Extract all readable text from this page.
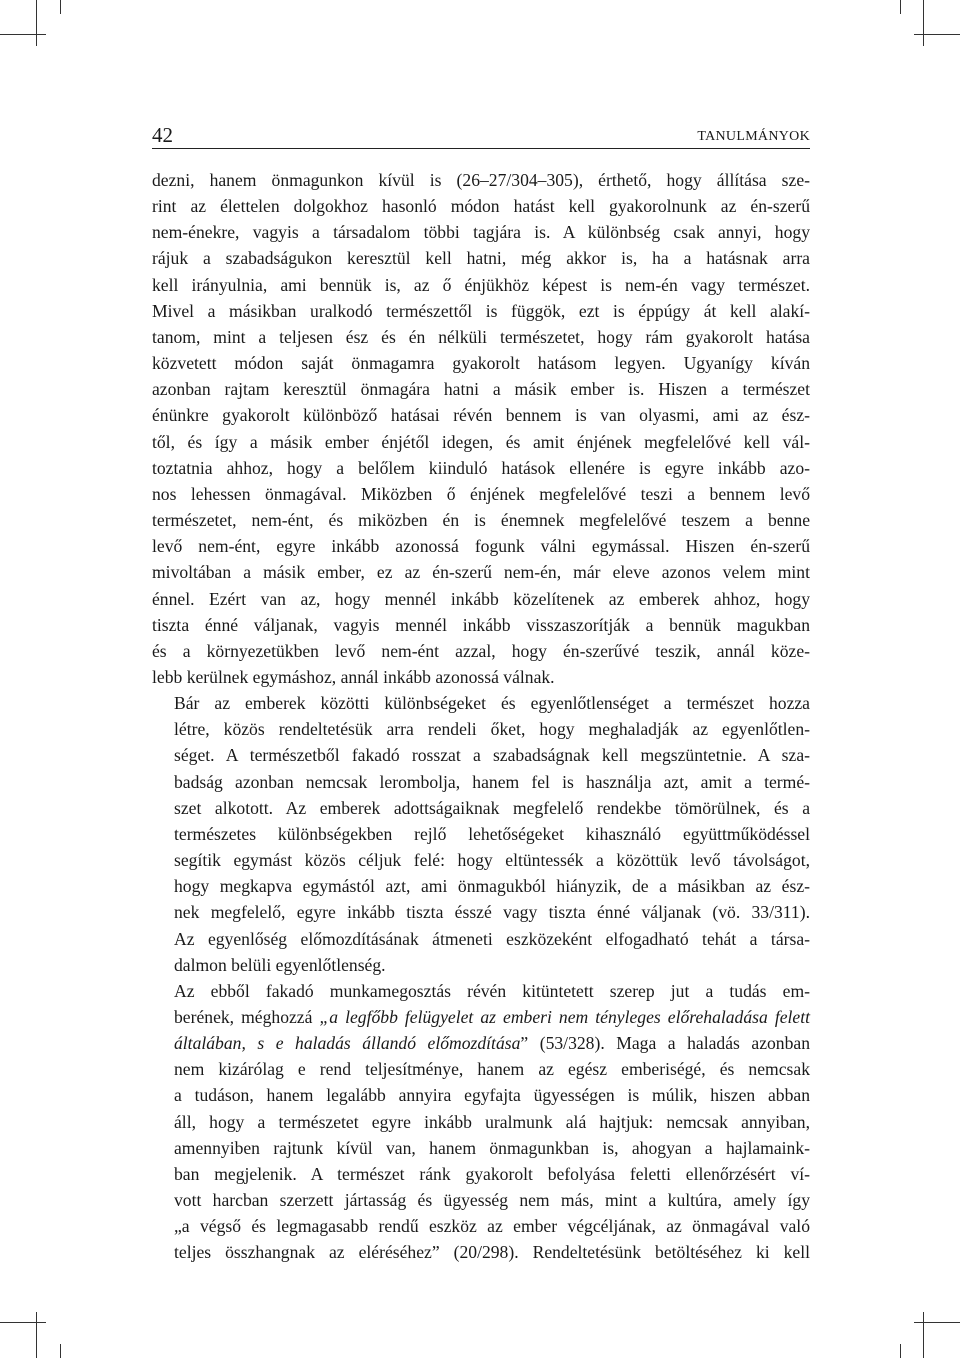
42	TANULMÁNYOK

dezni, hanem önmagunkon kívül is (26–27/304–305), érthető, hogy állítása sze-
rint az élettelen dolgokhoz hasonló módon hatást kell gyakorolnunk az én-szerű
nem-énekre, vagyis a társadalom többi tagjára is. A különbség csak annyi, hogy
rájuk a szabadságukon keresztül kell hatni, még akkor is, ha a hatásnak arra
kell irányulnia, ami bennük is, az ő énjükhöz képest is nem-én vagy természet.
Mivel a másikban uralkodó természettől is függök, ezt is éppúgy át kell alakí-
tanom, mint a teljesen ész és én nélküli természetet, hogy rám gyakorolt hatása
közvetett módon saját önmagamra gyakorolt hatásom legyen. Ugyanígy kíván
azonban rajtam keresztül önmagára hatni a másik ember is. Hiszen a természet
énünkre gyakorolt különböző hatásai révén bennem is van olyasmi, ami az ész-
től, és így a másik ember énjétől idegen, és amit énjének megfelelővé kell vál-
toztatnia ahhoz, hogy a belőlem kiinduló hatások ellenére is egyre inkább azo-
nos lehessen önmagával. Miközben ő énjének megfelelővé teszi a bennem levő
természetet, nem-ént, és miközben én is énemnek megfelelővé teszem a benne
levő nem-ént, egyre inkább azonossá fogunk válni egymással. Hiszen én-szerű
mivoltában a másik ember, ez az én-szerű nem-én, már eleve azonos velem mint
énnel. Ezért van az, hogy mennél inkább közelítenek az emberek ahhoz, hogy
tiszta énné váljanak, vagyis mennél inkább visszaszorítják a bennük magukban
és a környezetükben levő nem-ént azzal, hogy én-szerűvé teszik, annál köze-
lebb kerülnek egymáshoz, annál inkább azonossá válnak.

Bár az emberek közötti különbségeket és egyenlőtlenséget a természet hozza
létre, közös rendeltetésük arra rendeli őket, hogy meghaladják az egyenlőtlen-
séget. A természetből fakadó rosszat a szabadságnak kell megszüntetnie. A sza-
badság azonban nemcsak lerombolja, hanem fel is használja azt, amit a termé-
szet alkotott. Az emberek adottságaiknak megfelelő rendekbe tömörülnek, és a
természetes különbségekben rejlő lehetőségeket kihasználó együttműködéssel
segítik egymást közös céljuk felé: hogy eltüntessék a közöttük levő távolságot,
hogy megkapva egymástól azt, ami önmagukból hiányzik, de a másikban az ész-
nek megfelelő, egyre inkább tiszta ésszé vagy tiszta énné váljanak (vö. 33/311).
Az egyenlőség előmozdításának átmeneti eszközeként elfogadható tehát a társa-
dalmon belüli egyenlőtlenség.

Az ebből fakadó munkamegosztás révén kitüntetett szerep jut a tudás em-
berének, méghozzá „a legfőbb felügyelet az emberi nem tényleges előrehaladása felett
általában, s e haladás állandó előmozdítása” (53/328). Maga a haladás azonban
nem kizárólag e rend teljesítménye, hanem az egész emberiségé, és nemcsak
a tudáson, hanem legalább annyira egyfajta ügyességen is múlik, hiszen abban
áll, hogy a természetet egyre inkább uralmunk alá hajtjuk: nemcsak annyiban,
amennyiben rajtunk kívül van, hanem önmagunkban is, ahogyan a hajlamaink-
ban megjelenik. A természet ránk gyakorolt befolyása feletti ellenőrzésért ví-
vott harcban szerzett jártasság és ügyesség nem más, mint a kultúra, amely így
„a végső és legmagasabb rendű eszköz az ember végcéljának, az önmagával való
teljes összhangnak az eléréséhez” (20/298). Rendeltetésünk betöltéséhez ki kell
